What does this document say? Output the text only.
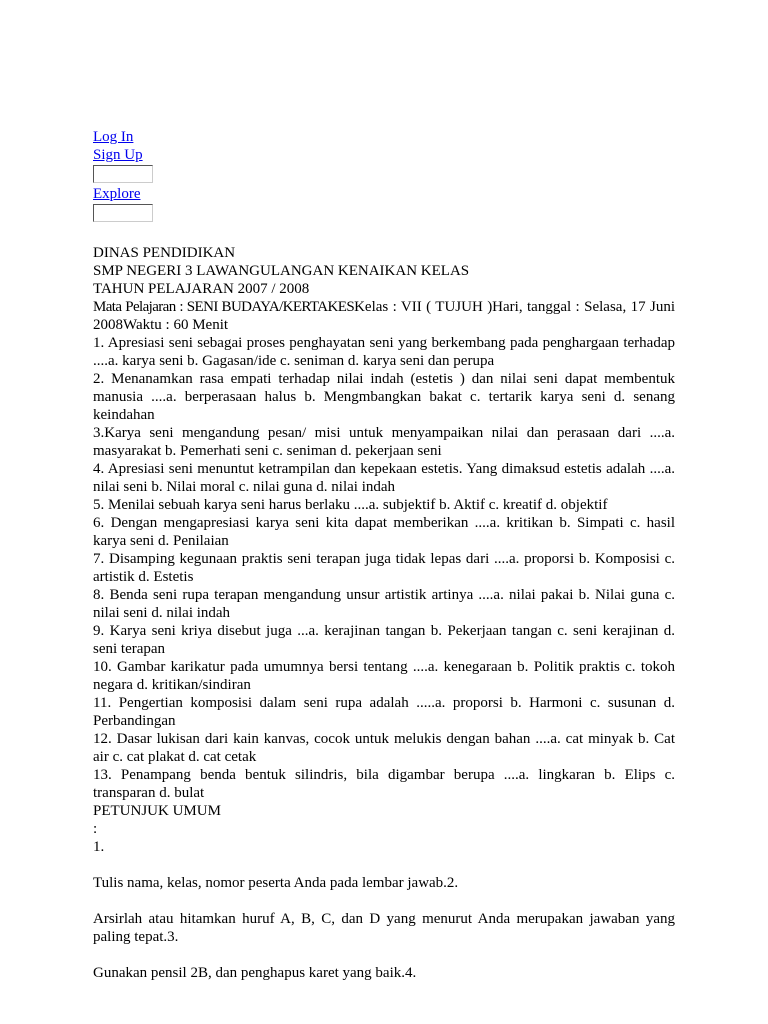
Log In
Sign Up
Explore

DINAS PENDIDIKAN

SMP NEGERI 3 LAWANGULANGAN KENAIKAN KELAS

TAHUN PELAJARAN 2007 / 2008

Mata Pelajaran : SENI BUDAYA/KERTAKESKelas : VII ( TUJUH )Hari, tanggal : Selasa, 17 Juni 2008Waktu : 60 Menit

1. Apresiasi seni sebagai proses penghayatan seni yang berkembang pada penghargaan terhadap ....a. karya seni b. Gagasan/ide c. seniman d. karya seni dan perupa

2. Menanamkan rasa empati terhadap nilai indah (estetis ) dan nilai seni dapat membentuk manusia ....a. berperasaan halus b. Mengmbangkan bakat c. tertarik karya seni d. senang keindahan

3.Karya seni mengandung pesan/ misi untuk menyampaikan nilai dan perasaan dari ....a. masyarakat b. Pemerhati seni c. seniman d. pekerjaan seni

4. Apresiasi seni menuntut ketrampilan dan kepekaan estetis. Yang dimaksud estetis adalah ....a. nilai seni b. Nilai moral c. nilai guna d. nilai indah

5. Menilai sebuah karya seni harus berlaku ....a. subjektif b. Aktif c. kreatif d. objektif

6. Dengan mengapresiasi karya seni kita dapat memberikan ....a. kritikan b. Simpati c. hasil karya seni d. Penilaian

7. Disamping kegunaan praktis seni terapan juga tidak lepas dari ....a. proporsi b. Komposisi c. artistik d. Estetis

8. Benda seni rupa terapan mengandung unsur artistik artinya ....a. nilai pakai b. Nilai guna c. nilai seni d. nilai indah

9. Karya seni kriya disebut juga ...a. kerajinan tangan b. Pekerjaan tangan c. seni kerajinan d. seni terapan

10. Gambar karikatur pada umumnya bersi tentang ....a. kenegaraan b. Politik praktis c. tokoh negara d. kritikan/sindiran

11. Pengertian komposisi dalam seni rupa adalah .....a. proporsi b. Harmoni c. susunan d. Perbandingan

12. Dasar lukisan dari kain kanvas, cocok untuk melukis dengan bahan ....a. cat minyak b. Cat air c. cat plakat d. cat cetak

13. Penampang benda bentuk silindris, bila digambar berupa ....a. lingkaran b. Elips c. transparan d. bulat

PETUNJUK UMUM

:

1.

Tulis nama, kelas, nomor peserta Anda pada lembar jawab.2.

Arsirlah atau hitamkan huruf A, B, C, dan D yang menurut Anda merupakan jawaban yang paling tepat.3.

Gunakan pensil 2B, dan penghapus karet yang baik.4.
